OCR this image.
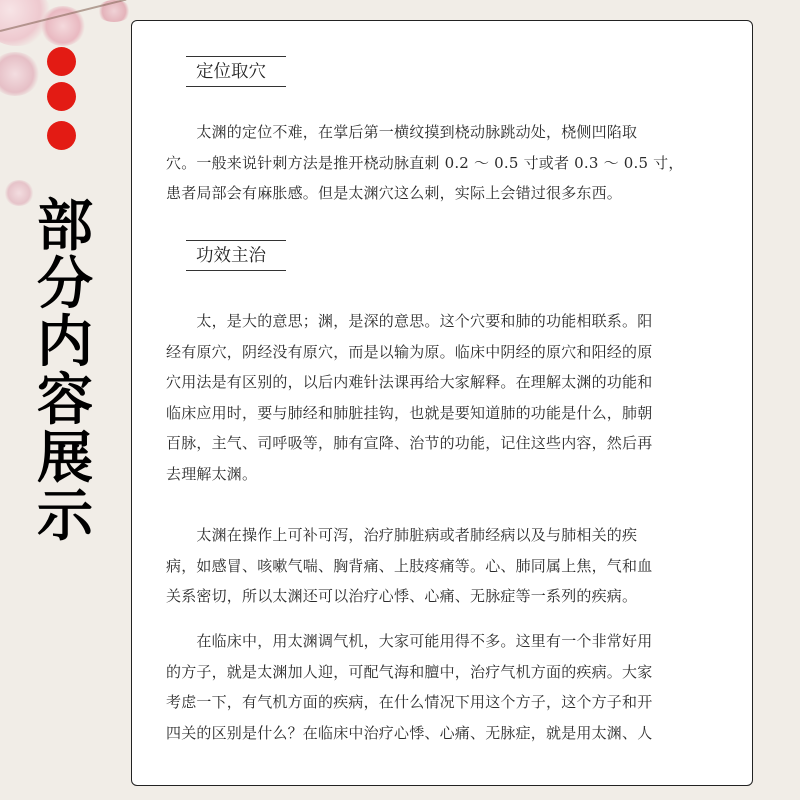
部
分
内
容
展
示
定位取穴
　　太渊的定位不难，在掌后第一横纹摸到桡动脉跳动处，桡侧凹陷取
穴。一般来说针刺方法是推开桡动脉直刺 0.2 ～ 0.5 寸或者 0.3 ～ 0.5 寸，
患者局部会有麻胀感。但是太渊穴这么刺，实际上会错过很多东西。
功效主治
　　太，是大的意思；渊，是深的意思。这个穴要和肺的功能相联系。阳
经有原穴，阴经没有原穴，而是以输为原。临床中阴经的原穴和阳经的原
穴用法是有区别的，以后内难针法课再给大家解释。在理解太渊的功能和
临床应用时，要与肺经和肺脏挂钩，也就是要知道肺的功能是什么，肺朝
百脉，主气、司呼吸等，肺有宣降、治节的功能，记住这些内容，然后再
去理解太渊。
　　太渊在操作上可补可泻，治疗肺脏病或者肺经病以及与肺相关的疾
病，如感冒、咳嗽气喘、胸背痛、上肢疼痛等。心、肺同属上焦，气和血
关系密切，所以太渊还可以治疗心悸、心痛、无脉症等一系列的疾病。
　　在临床中，用太渊调气机，大家可能用得不多。这里有一个非常好用
的方子，就是太渊加人迎，可配气海和膻中，治疗气机方面的疾病。大家
考虑一下，有气机方面的疾病，在什么情况下用这个方子，这个方子和开
四关的区别是什么？在临床中治疗心悸、心痛、无脉症，就是用太渊、人
